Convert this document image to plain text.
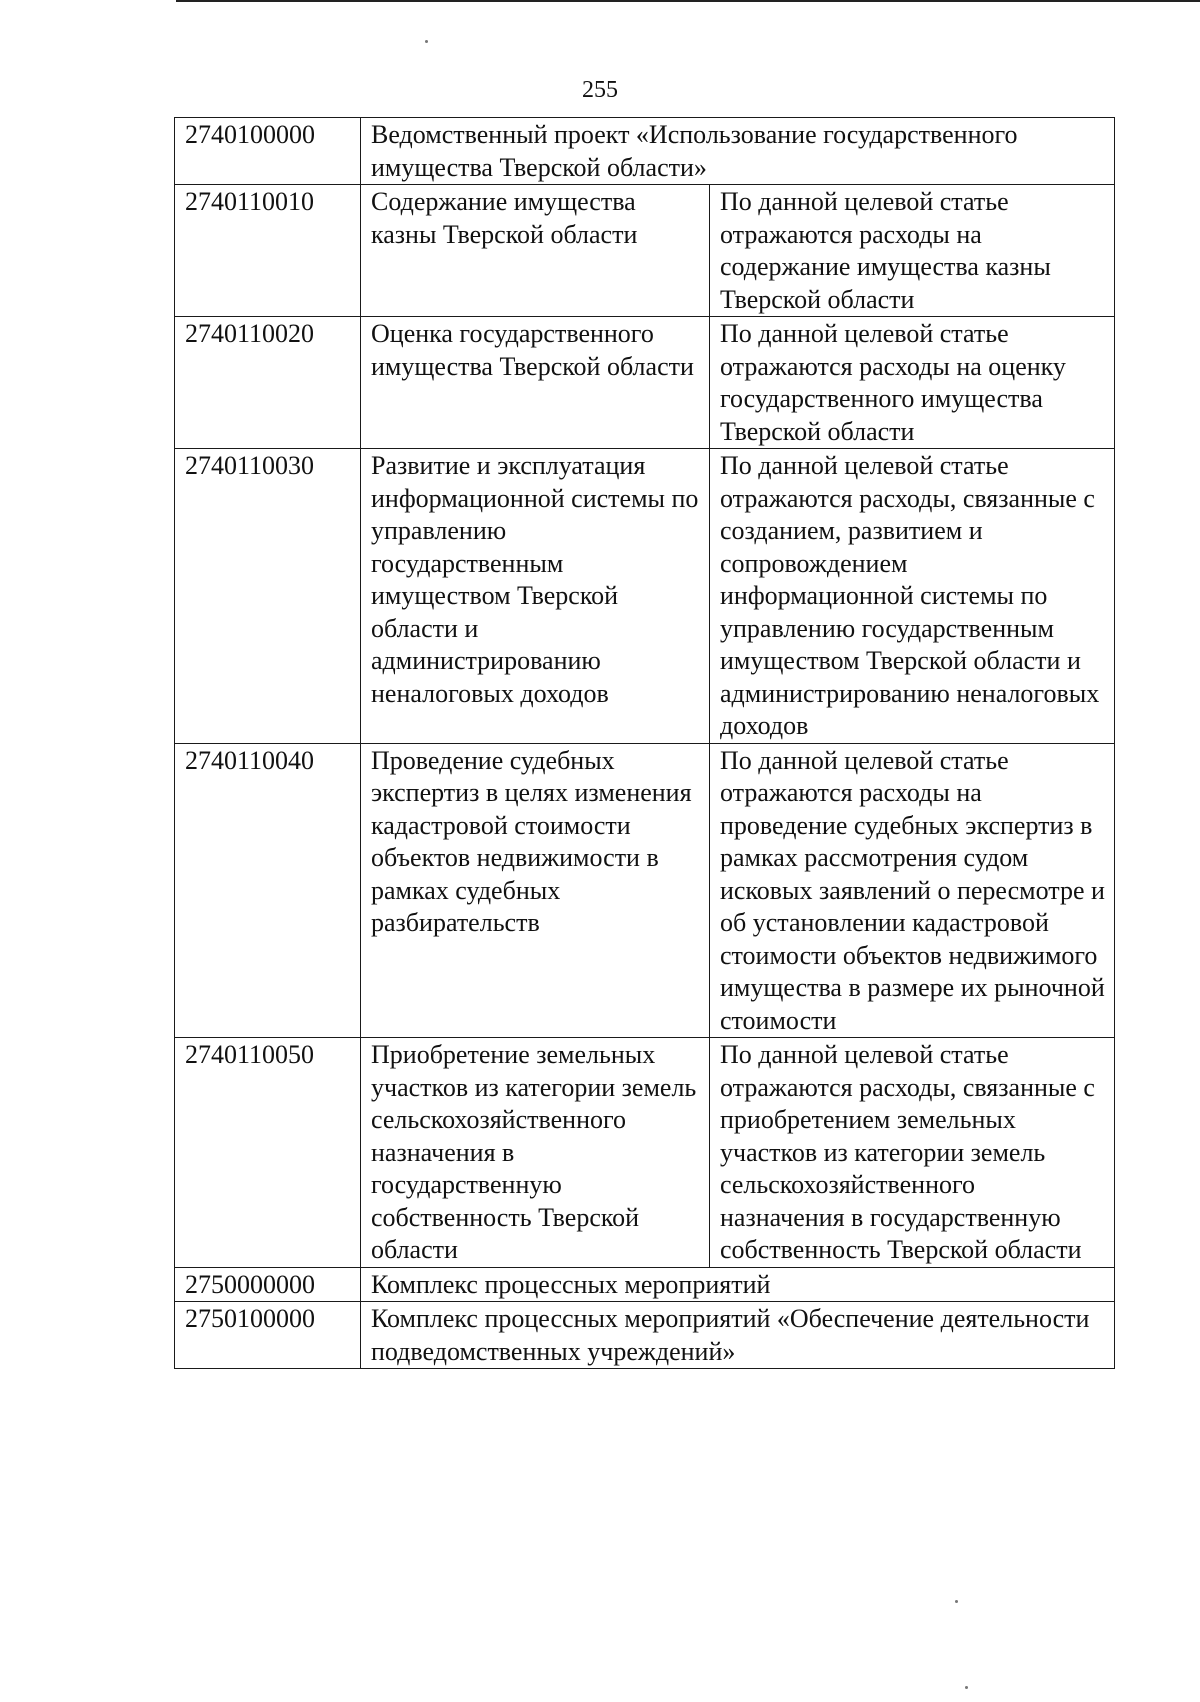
255
2740100000	Ведомственный проект «Использование государственного имущества Тверской области»	
2740110010	Содержание имущества казны Тверской области	По данной целевой статье отражаются расходы на содержание имущества казны Тверской области
2740110020	Оценка государственного имущества Тверской области	По данной целевой статье отражаются расходы на оценку государственного имущества Тверской области
2740110030	Развитие и эксплуатация информационной системы по управлению государственным имуществом Тверской области и администрированию неналоговых доходов	По данной целевой статье отражаются расходы, связанные с созданием, развитием и сопровождением информационной системы по управлению государственным имуществом Тверской области и администрированию неналоговых доходов
2740110040	Проведение судебных экспертиз в целях изменения кадастровой стоимости объектов недвижимости в рамках судебных разбирательств	По данной целевой статье отражаются расходы на проведение судебных экспертиз в рамках рассмотрения судом исковых заявлений о пересмотре и об установлении кадастровой стоимости объектов недвижимого имущества в размере их рыночной стоимости
2740110050	Приобретение земельных участков из категории земель сельскохозяйственного назначения в государственную собственность Тверской области	По данной целевой статье отражаются расходы, связанные с приобретением земельных участков из категории земель сельскохозяйственного назначения в государственную собственность Тверской области
2750000000	Комплекс процессных мероприятий	
2750100000	Комплекс процессных мероприятий «Обеспечение деятельности подведомственных учреждений»	
